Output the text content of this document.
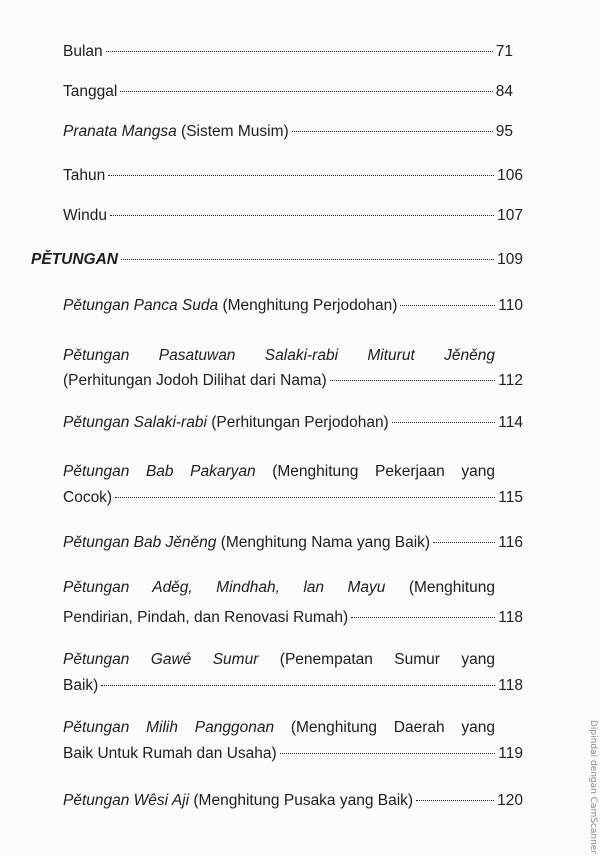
Bulan	71
Tanggal	84
Pranata Mangsa (Sistem Musim)	95
Tahun	106
Windu	107
PĚTUNGAN	109
Pětungan Panca Suda (Menghitung Perjodohan)	110
Pětungan Pasatuwan Salaki-rabi Miturut Jěněng
(Perhitungan Jodoh Dilihat dari Nama)	112
Pětungan Salaki-rabi (Perhitungan Perjodohan)	114
Pětungan Bab Pakaryan (Menghitung Pekerjaan yang
Cocok)	115
Pětungan Bab Jěněng (Menghitung Nama yang Baik)	116
Pětungan Aděg, Mindhah, lan Mayu (Menghitung
Pendirian, Pindah, dan Renovasi Rumah)	118
Pětungan Gawé Sumur (Penempatan Sumur yang
Baik)	118
Pětungan Milih Panggonan (Menghitung Daerah yang
Baik Untuk Rumah dan Usaha)	119
Pětungan Wêsi Aji (Menghitung Pusaka yang Baik)	120	Dipindai dengan CamScanner
